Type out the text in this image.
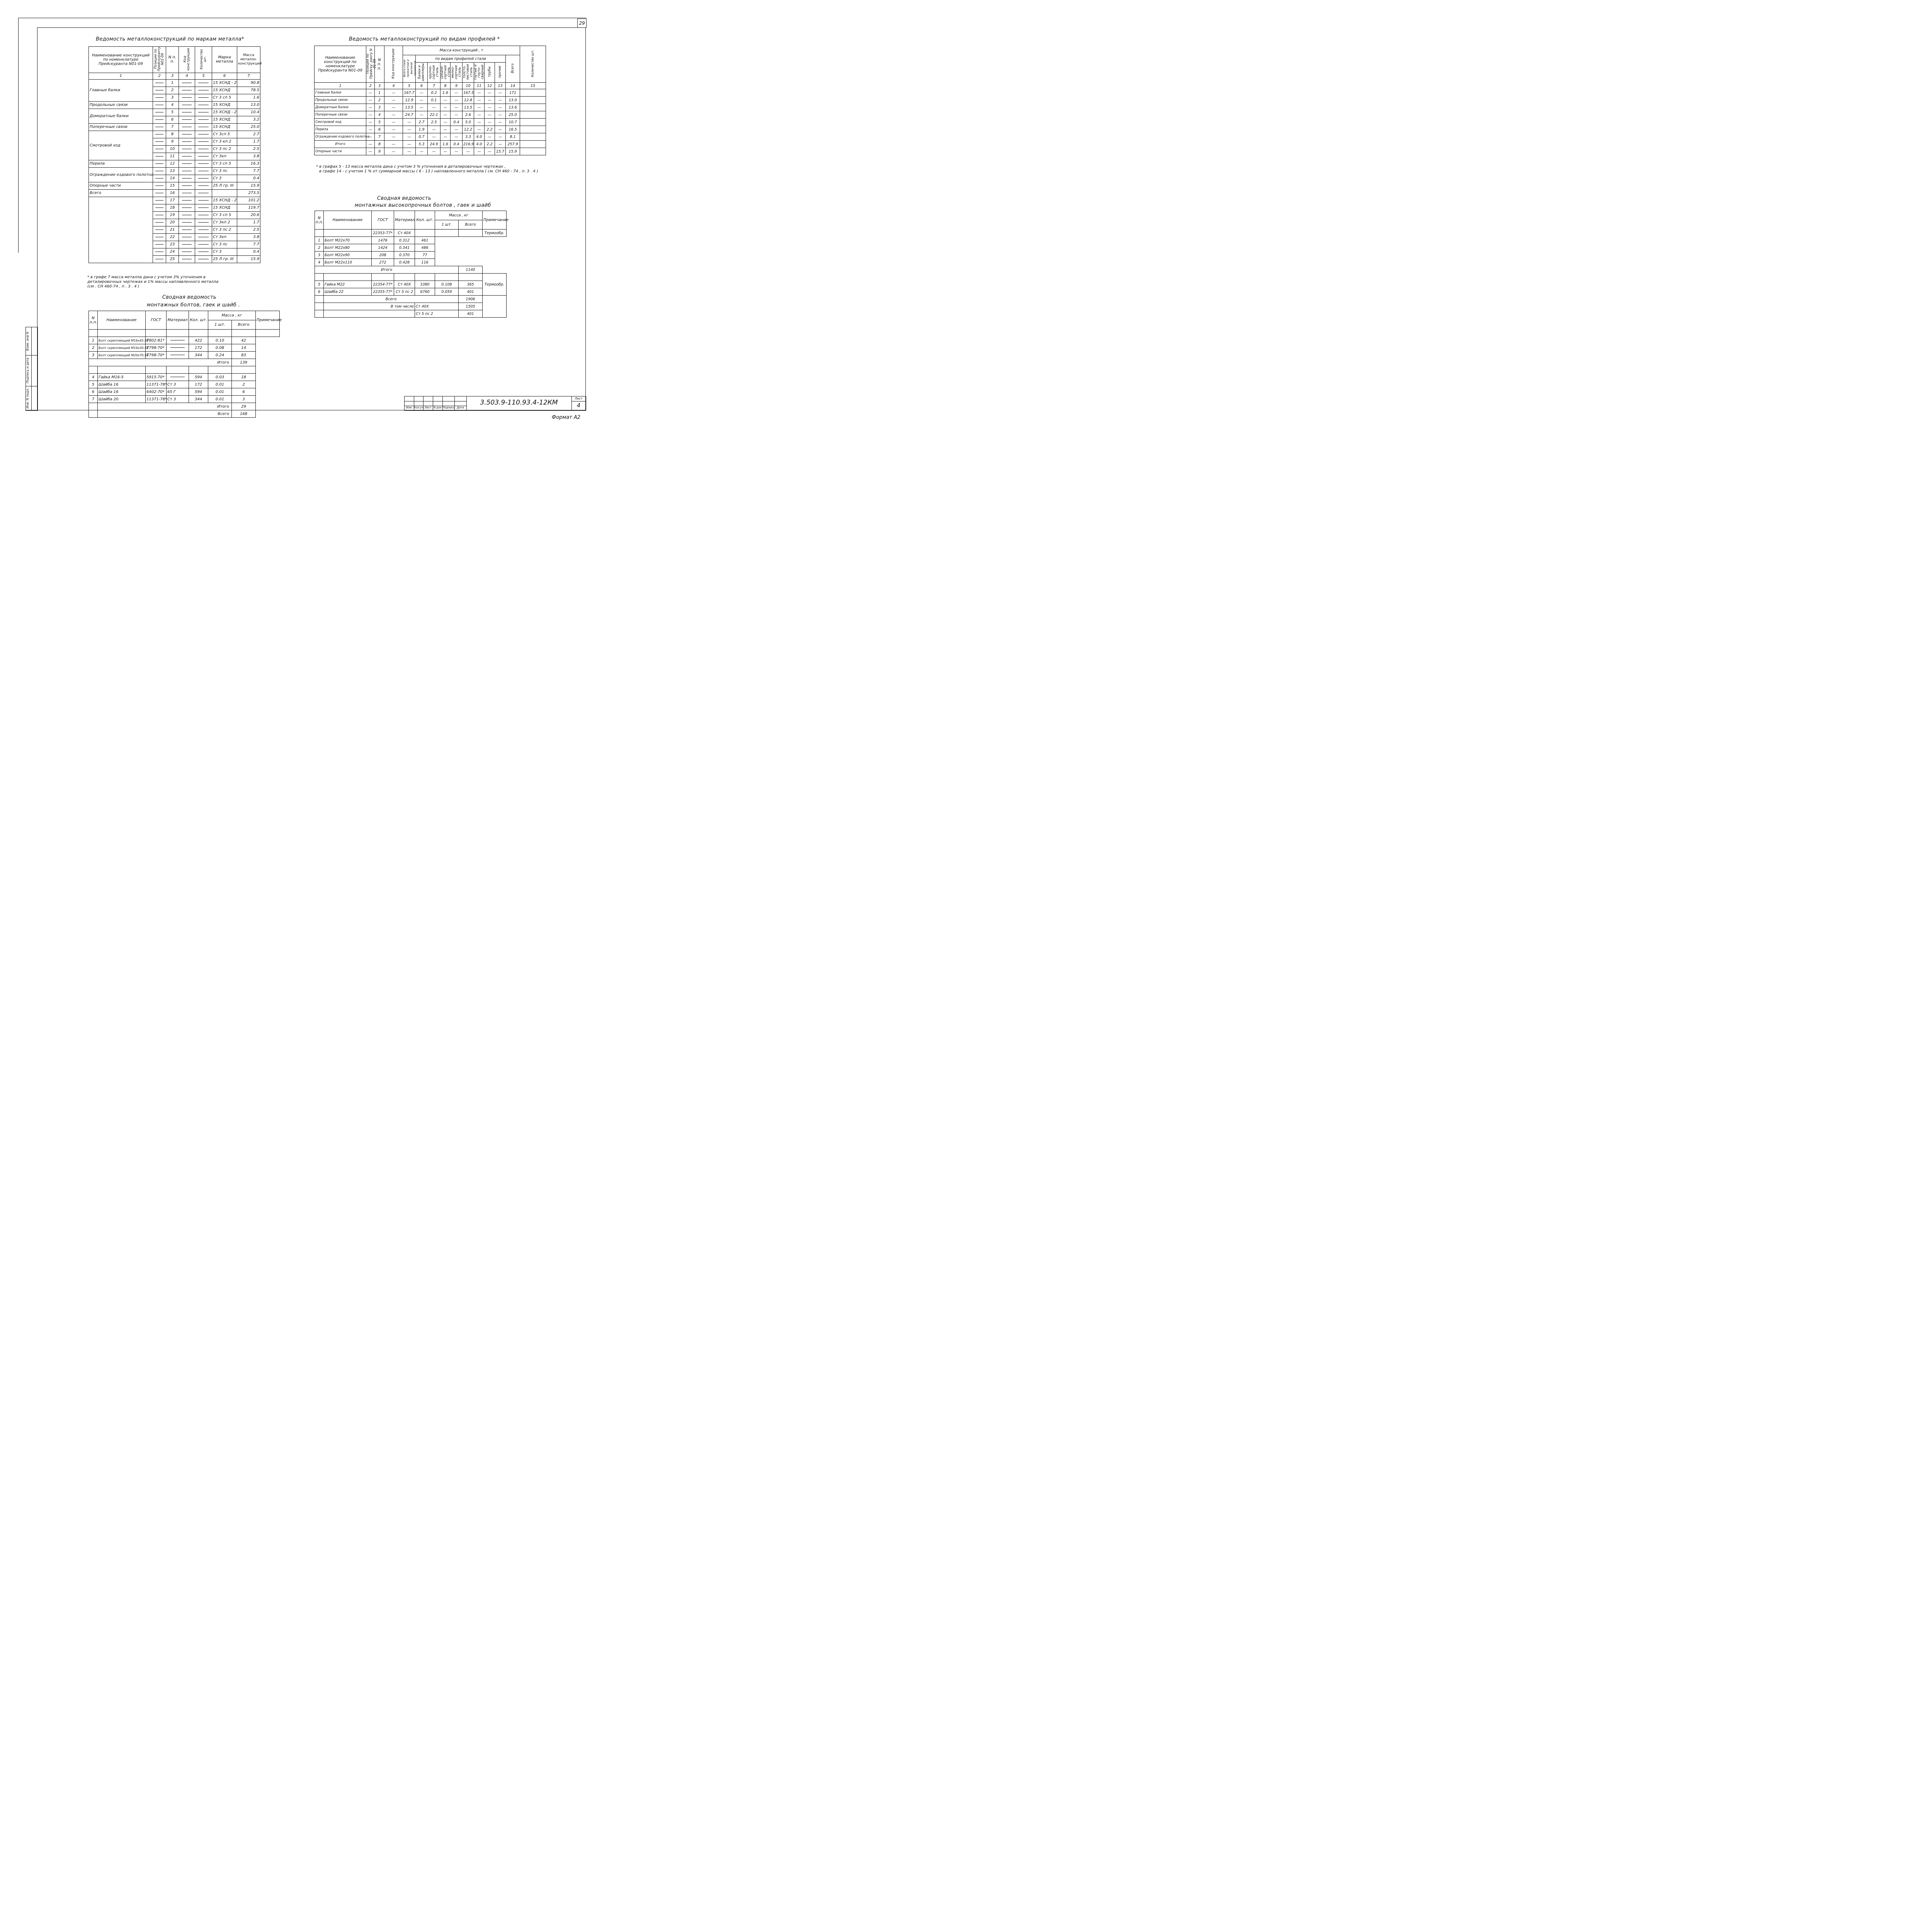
29
Взам. инв N
Подпись и дата
Инв. N подл.
Ведомость металлоконструкций по маркам металла*
Наименование конструкций по номенклатуре Прейскуранта N01-09	Позиции по Прейскуранту N01-09	N п. п.	Код конструкции	Количество шт.	Марка металла	Масса металло- конструкций
1	2	3	4	5	6	7
Главные балки		1			15 ХСНД - 2	90.8
		2			15 ХСНД	78.5
		3			Ст 3 сп 5	1.6
Продольные связи		4			15 ХСНД	13.0
Домкратные балки		5			15 ХСНД - 2	10.4
		6			15 ХСНД	3.2
Поперечные связи		7			15 ХСНД	25.0
Смотровой ход		8			Ст 3сп 5	2.7
		9			Ст 3 кп 2	1.7
		10			Ст 3 пс 2	2.5
		11			Ст 3кп	3.8
Перила		12			Ст 3 сп 5	16.3
Ограждение ездового полотна		13			Ст 3 пс	7.7
		14			Ст 3	0.4
Опорные части		15			25 Л гр. III	15.9
Всего		16				273.5
		17			15 ХСНД - 2	101.2
		18			15 ХСНД	119.7
		19			Ст 3 сп 5	20.6
		20			Ст 3кп 2	1.7
		21			Ст 3 пс 2	2.5
		22			Ст 3кп	3.8
		23			Ст 3 пс	7.7
		24			Ст 3	0.4
		25			25 Л гр. III	15.9
* в графе 7 масса металла дана с учетом 3% уточнения в
деталировочных чертежах и 1% массы наплавленного металла
(см . СН 460-74 , п . 3 . 4 )
Сводная ведомость
монтажных болтов, гаек и шайб .
N п.п.	Наименование	ГОСТ	Материал	Кол. шт.	Масса , кг		Примечание
					1 шт.	Всего	

1	Болт скрепляющий М16х45.58	7802-81*		422	0.10	42	
2	Болт скрепляющий М16х30.58	7798-70*		172	0.08	14	
3	Болт скрепляющий М20х70.58	7798-70*		344	0.24	83	
Итого						139	

4	Гайка М16-5	5915-70*		594	0.03	18	
5	Шайба 16	11371-78*	Ст 3	172	0.01	2	
6	Шайба 16	6402-70*	65 Г	594	0.01	6	
7	Шайба 20	11371-78*	Ст 3	344	0.01	3	
	Итого					29	
	Всего					168	
Ведомость металлоконструкций по видам профилей *
Наименование конструкций по номенклатуре Прейскуранта N01-09	Позиции по Прейску- ранту N 01-09	N п. п.	Код конструкции	Масса конструкций , т										Количество шт.
				Всего стали прокатной и высокой прочности	по видам профилей стали								Всего	
					балки и швеллеры	крупно- сортная сталь	средне- сортная сталь	мелко- сортная сталь	толсто- листовая сталь	гнутые и гнуто- сварные	трубы	прочие		
1	2	3	4	5	6	7	8	9	10	11	12	13	14	15
Главные балки	—	1	—	167.7	—	0.2	1.6	—	167.5	—	—	—	171	
Продольные связи	—	2	—	12.9	—	0.1	—	—	12.8	—	—	—	13.0	
Домкратные балки	—	3	—	13.5	—	—	—	—	13.5	—	—	—	13.6	
Поперечные связи	—	4	—	24.7	—	22.1	—	—	2.6	—	—	—	25.0	
Смотровой ход	—	5	—	—	2.7	2.5	—	0.4	5.0	—	—	—	10.7	
Перила	—	6	—	—	1.9	—	—	—	12.2	—	2.2	—	16.5	
Ограждение ездового полотна	—	7	—	—	0.7	—	—	—	3.3	4.0	—	—	8.1	
Итого	—	8	—	—	5.3	24.9	1.6	0.4	216.9	4.0	2.2	—	257.9	
Опорные части	—	9	—	—	—	—	—	—	—	—	—	15.7	15.9	
* в графах 5 - 13 масса металла дана с учетом 3 % уточнения в деталировочных чертежах ,
в графе 14 - с учетом 1 % от суммарной массы ( 6 - 13 ) наплавленного металла ( см. СН 460 - 74 , п. 3 . 4 )
Сводная ведомость
монтажных высокопрочных болтов , гаек и шайб
N п.п.	Наименование	ГОСТ	Материал	Кол. шт.	Масса , кг		Примечание
					1 шт.	Всего	
		22353-77*	Ст 40Х				Термообр.
1	Болт М22х70	1476	0.312	461			
2	Болт М22х80	1424	0.341	486			
3	Болт М22х90	208	0.370	77			
4	Болт М22х110	272	0.428	116			
Итого						1140	
							Термообр.
5	Гайка М22	22354-77*	Ст 40Х	3380	0.108	365	
6	Шайба 22	22355-77*	Ст 5 пс 2	6760	0.059	401	
	Всего					1906	
	В том числе			Ст 40Х		1505	
				Ст 5 пс 2		401	
Изм. Кол.уч Лист N док Подпись Дата
3.503.9-110.93.4-12КМ
Лист
4
Формат А2
